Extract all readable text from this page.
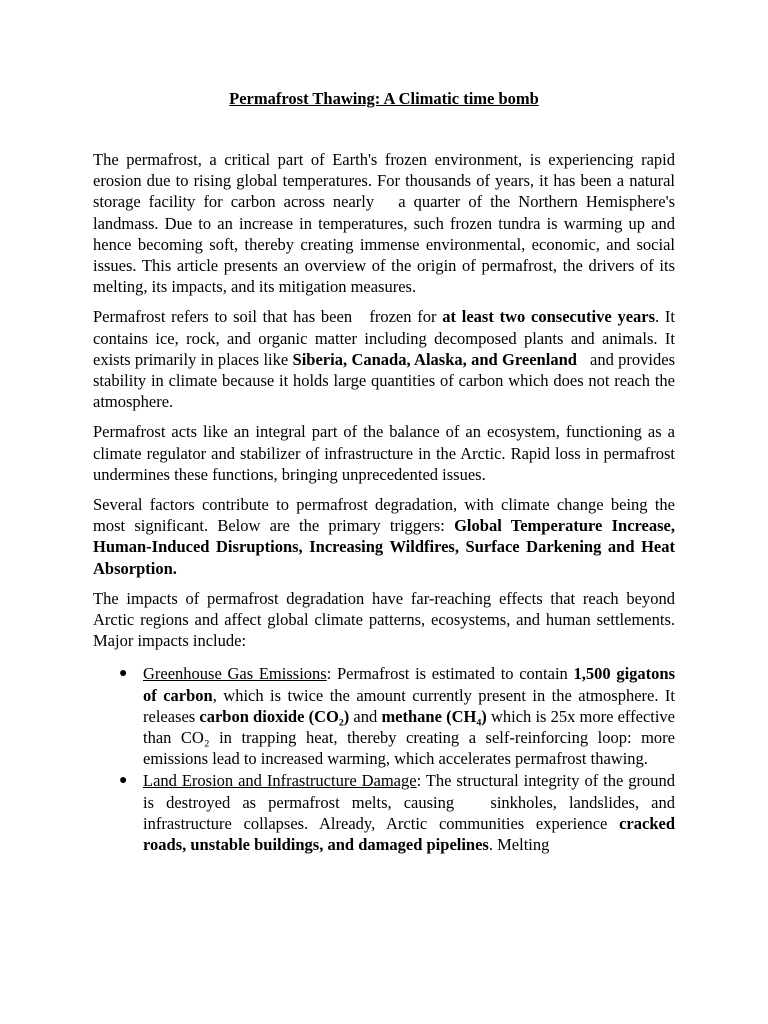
Permafrost Thawing: A Climatic time bomb

The permafrost, a critical part of Earth's frozen environment, is experiencing rapid erosion due to rising global temperatures. For thousands of years, it has been a natural storage facility for carbon across nearly   a quarter of the Northern Hemisphere's landmass. Due to an increase in temperatures, such frozen tundra is warming up and hence becoming soft, thereby creating immense environmental, economic, and social issues. This article presents an overview of the origin of permafrost, the drivers of its melting, its impacts, and its mitigation measures.

Permafrost refers to soil that has been   frozen for at least two consecutive years. It contains ice, rock, and organic matter including decomposed plants and animals. It exists primarily in places like Siberia, Canada, Alaska, and Greenland   and provides stability in climate because it holds large quantities of carbon which does not reach the atmosphere.

Permafrost acts like an integral part of the balance of an ecosystem, functioning as a climate regulator and stabilizer of infrastructure in the Arctic. Rapid loss in permafrost undermines these functions, bringing unprecedented issues.

Several factors contribute to permafrost degradation, with climate change being the most significant. Below are the primary triggers: Global Temperature Increase, Human-Induced Disruptions, Increasing Wildfires, Surface Darkening and Heat Absorption.

The impacts of permafrost degradation have far-reaching effects that reach beyond Arctic regions and affect global climate patterns, ecosystems, and human settlements. Major impacts include:

● Greenhouse Gas Emissions: Permafrost is estimated to contain 1,500 gigatons of carbon, which is twice the amount currently present in the atmosphere. It releases carbon dioxide (CO₂) and methane (CH₄) which is 25x more effective than CO₂ in trapping heat, thereby creating a self-reinforcing loop: more emissions lead to increased warming, which accelerates permafrost thawing.
● Land Erosion and Infrastructure Damage: The structural integrity of the ground is destroyed as permafrost melts, causing   sinkholes, landslides, and infrastructure collapses. Already, Arctic communities experience cracked roads, unstable buildings, and damaged pipelines. Melting
